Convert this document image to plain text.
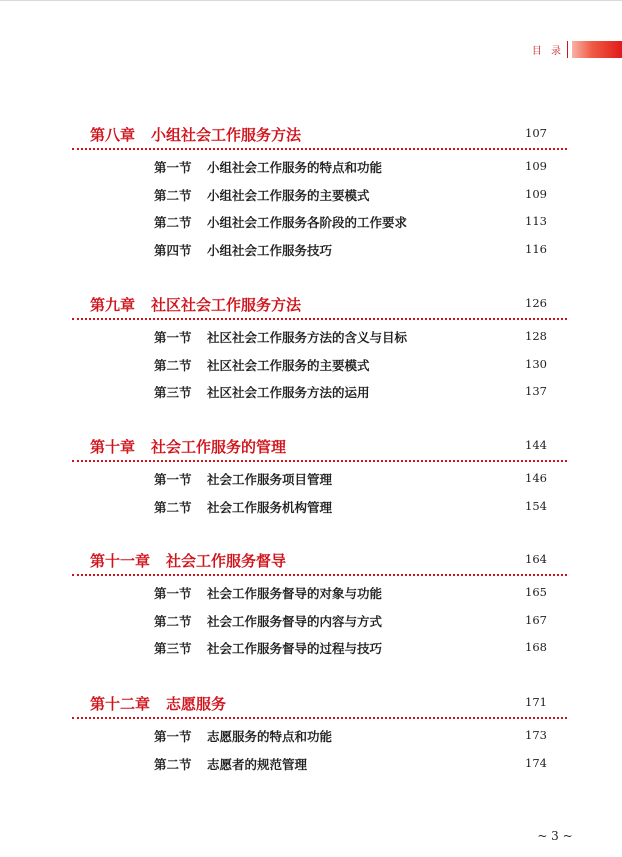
目 录
第八章 小组社会工作服务方法	107
第一节 小组社会工作服务的特点和功能	109
第二节 小组社会工作服务的主要模式	109
第二节 小组社会工作服务各阶段的工作要求	113
第四节 小组社会工作服务技巧	116
第九章 社区社会工作服务方法	126
第一节 社区社会工作服务方法的含义与目标	128
第二节 社区社会工作服务的主要模式	130
第三节 社区社会工作服务方法的运用	137
第十章 社会工作服务的管理	144
第一节 社会工作服务项目管理	146
第二节 社会工作服务机构管理	154
第十一章 社会工作服务督导	164
第一节 社会工作服务督导的对象与功能	165
第二节 社会工作服务督导的内容与方式	167
第三节 社会工作服务督导的过程与技巧	168
第十二章 志愿服务	171
第一节 志愿服务的特点和功能	173
第二节 志愿者的规范管理	174
~ 3 ~
